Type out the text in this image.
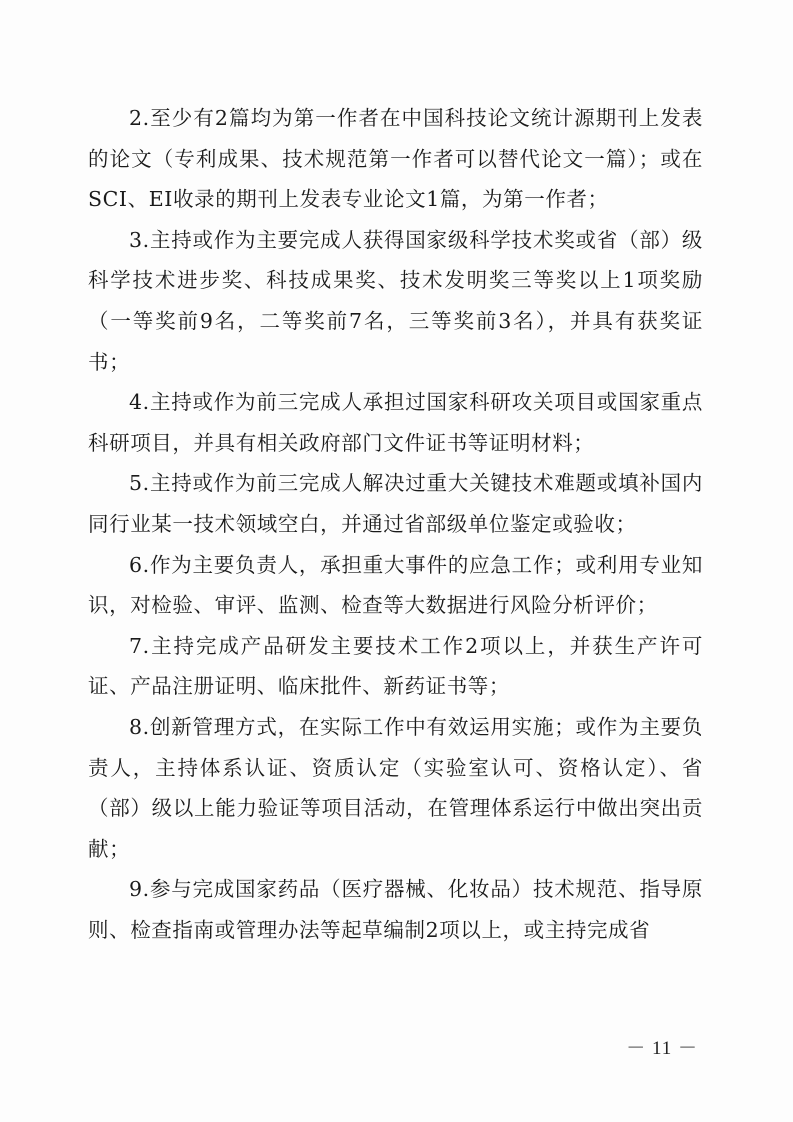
2.至少有2篇均为第一作者在中国科技论文统计源期刊上发表的论文（专利成果、技术规范第一作者可以替代论文一篇）；或在SCI、EI收录的期刊上发表专业论文1篇，为第一作者；

3.主持或作为主要完成人获得国家级科学技术奖或省（部）级科学技术进步奖、科技成果奖、技术发明奖三等奖以上1项奖励（一等奖前9名，二等奖前7名，三等奖前3名），并具有获奖证书；

4.主持或作为前三完成人承担过国家科研攻关项目或国家重点科研项目，并具有相关政府部门文件证书等证明材料；

5.主持或作为前三完成人解决过重大关键技术难题或填补国内同行业某一技术领域空白，并通过省部级单位鉴定或验收；

6.作为主要负责人，承担重大事件的应急工作；或利用专业知识，对检验、审评、监测、检查等大数据进行风险分析评价；

7.主持完成产品研发主要技术工作2项以上，并获生产许可证、产品注册证明、临床批件、新药证书等；

8.创新管理方式，在实际工作中有效运用实施；或作为主要负责人，主持体系认证、资质认定（实验室认可、资格认定）、省（部）级以上能力验证等项目活动，在管理体系运行中做出突出贡献；

9.参与完成国家药品（医疗器械、化妆品）技术规范、指导原则、检查指南或管理办法等起草编制2项以上，或主持完成省

－ 11 －
